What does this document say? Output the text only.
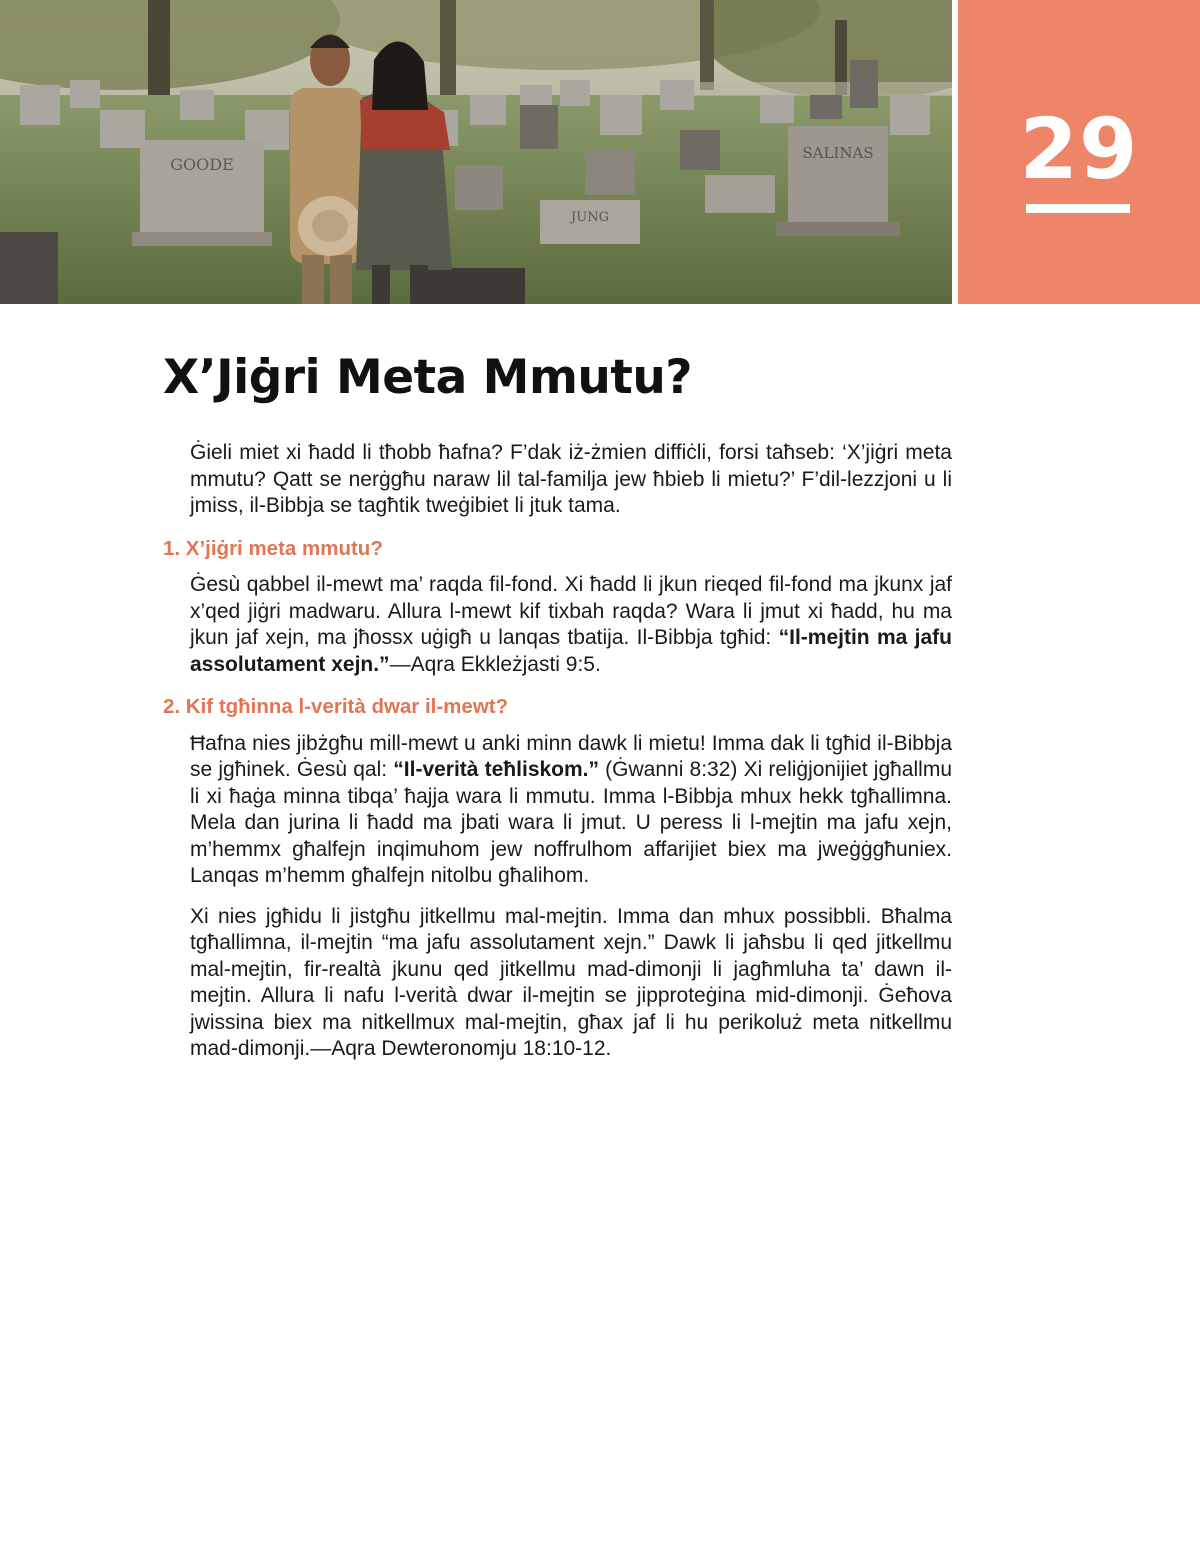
GOODE
SALINAS
JUNG
29
X’Jiġri Meta Mmutu?

Ġieli miet xi ħadd li tħobb ħafna? F’dak iż-żmien diffiċli, forsi taħseb: ‘X’jiġri meta mmutu? Qatt se nerġgħu naraw lil tal-familja jew ħbieb li mietu?’ F’dil-lezzjoni u li jmiss, il-Bibbja se tagħtik tweġibiet li jtuk tama.

1. X’jiġri meta mmutu?

Ġesù qabbel il-mewt ma’ raqda fil-fond. Xi ħadd li jkun rieqed fil-fond ma jkunx jaf x’qed jiġri madwaru. Allura l-mewt kif tixbah raqda? Wara li jmut xi ħadd, hu ma jkun jaf xejn, ma jħossx uġigħ u lanqas tbatija. Il-Bibbja tgħid: “Il-mejtin ma jafu assolutament xejn.”—Aqra Ekkleżjasti 9:5.

2. Kif tgħinna l-verità dwar il-mewt?

Ħafna nies jibżgħu mill-mewt u anki minn dawk li mietu! Imma dak li tgħid il-Bibbja se jgħinek. Ġesù qal: “Il-verità teħliskom.” (Ġwanni 8:32) Xi reliġjonijiet jgħallmu li xi ħaġa minna tibqa’ ħajja wara li mmutu. Imma l-Bibbja mhux hekk tgħallimna. Mela dan jurina li ħadd ma jbati wara li jmut. U peress li l-mejtin ma jafu xejn, m’hemmx għalfejn inqimuhom jew noffrulhom affarijiet biex ma jweġġgħuniex. Lanqas m’hemm għalfejn nitolbu għalihom.

Xi nies jgħidu li jistgħu jitkellmu mal-mejtin. Imma dan mhux possibbli. Bħalma tgħallimna, il-mejtin “ma jafu assolutament xejn.” Dawk li jaħsbu li qed jitkellmu mal-mejtin, fir-realtà jkunu qed jitkellmu mad-dimonji li jagħmluha ta’ dawn il-mejtin. Allura li nafu l-verità dwar il-mejtin se jipproteġina mid-dimonji. Ġeħova jwissina biex ma nitkellmux mal-mejtin, għax jaf li hu perikoluż meta nitkellmu mad-dimonji.—Aqra Dewteronomju 18:10-12.
